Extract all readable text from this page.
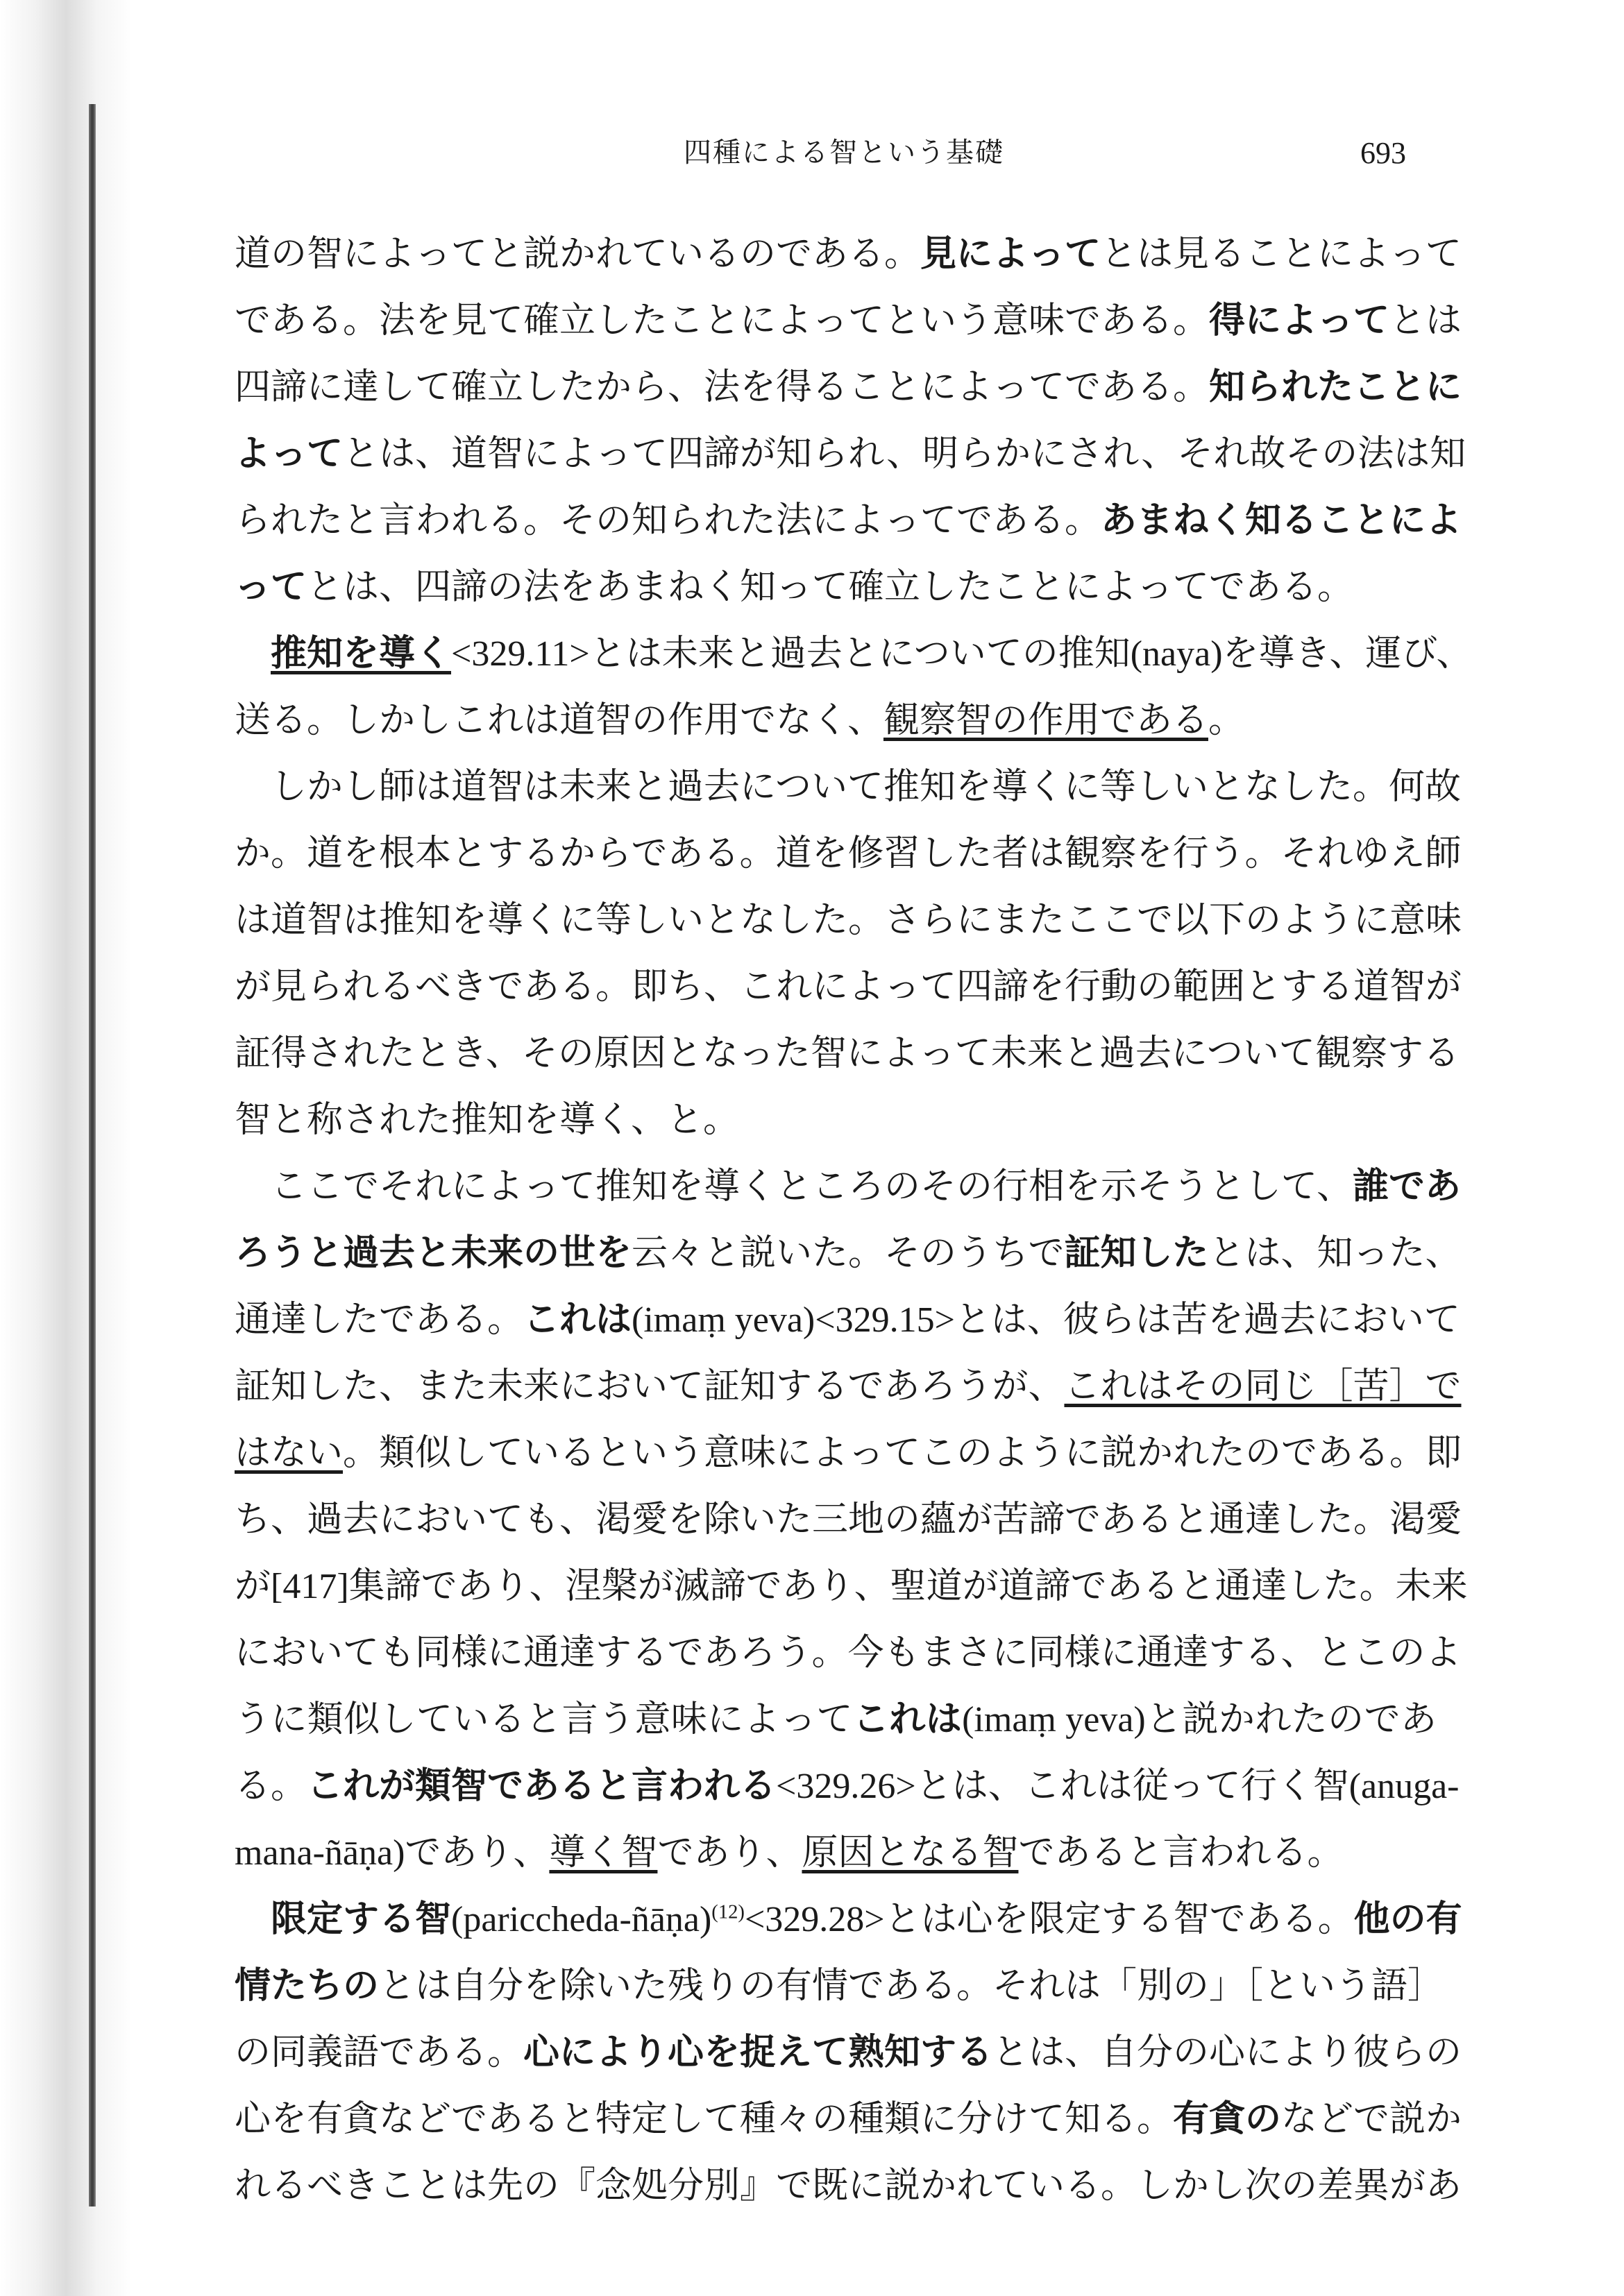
四種による智という基礎	693
道の智によってと説かれているのである。見によってとは見ることによって
である。法を見て確立したことによってという意味である。得によってとは
四諦に達して確立したから、法を得ることによってである。知られたことに
よってとは、道智によって四諦が知られ、明らかにされ、それ故その法は知
られたと言われる。その知られた法によってである。あまねく知ることによ
ってとは、四諦の法をあまねく知って確立したことによってである。
推知を導く<329.11>とは未来と過去とについての推知(naya)を導き、運び、
送る。しかしこれは道智の作用でなく、観察智の作用である。
しかし師は道智は未来と過去について推知を導くに等しいとなした。何故
か。道を根本とするからである。道を修習した者は観察を行う。それゆえ師
は道智は推知を導くに等しいとなした。さらにまたここで以下のように意味
が見られるべきである。即ち、これによって四諦を行動の範囲とする道智が
証得されたとき、その原因となった智によって未来と過去について観察する
智と称された推知を導く、と。
ここでそれによって推知を導くところのその行相を示そうとして、誰であ
ろうと過去と未来の世を云々と説いた。そのうちで証知したとは、知った、
通達したである。これは(imaṃ yeva)<329.15>とは、彼らは苦を過去において
証知した、また未来において証知するであろうが、これはその同じ［苦］で
はない。類似しているという意味によってこのように説かれたのである。即
ち、過去においても、渇愛を除いた三地の蘊が苦諦であると通達した。渇愛
が[417]集諦であり、涅槃が滅諦であり、聖道が道諦であると通達した。未来
においても同様に通達するであろう。今もまさに同様に通達する、とこのよ
うに類似していると言う意味によってこれは(imaṃ yeva)と説かれたのであ
る。これが類智であると言われる<329.26>とは、これは従って行く智(anuga-
mana-ñāṇa)であり、導く智であり、原因となる智であると言われる。
限定する智(pariccheda-ñāṇa)$^{(12)}$<329.28>とは心を限定する智である。他の有
情たちのとは自分を除いた残りの有情である。それは「別の」［という語］
の同義語である。心により心を捉えて熟知するとは、自分の心により彼らの
心を有貪などであると特定して種々の種類に分けて知る。有貪のなどで説か
れるべきことは先の『念処分別』で既に説かれている。しかし次の差異があ
